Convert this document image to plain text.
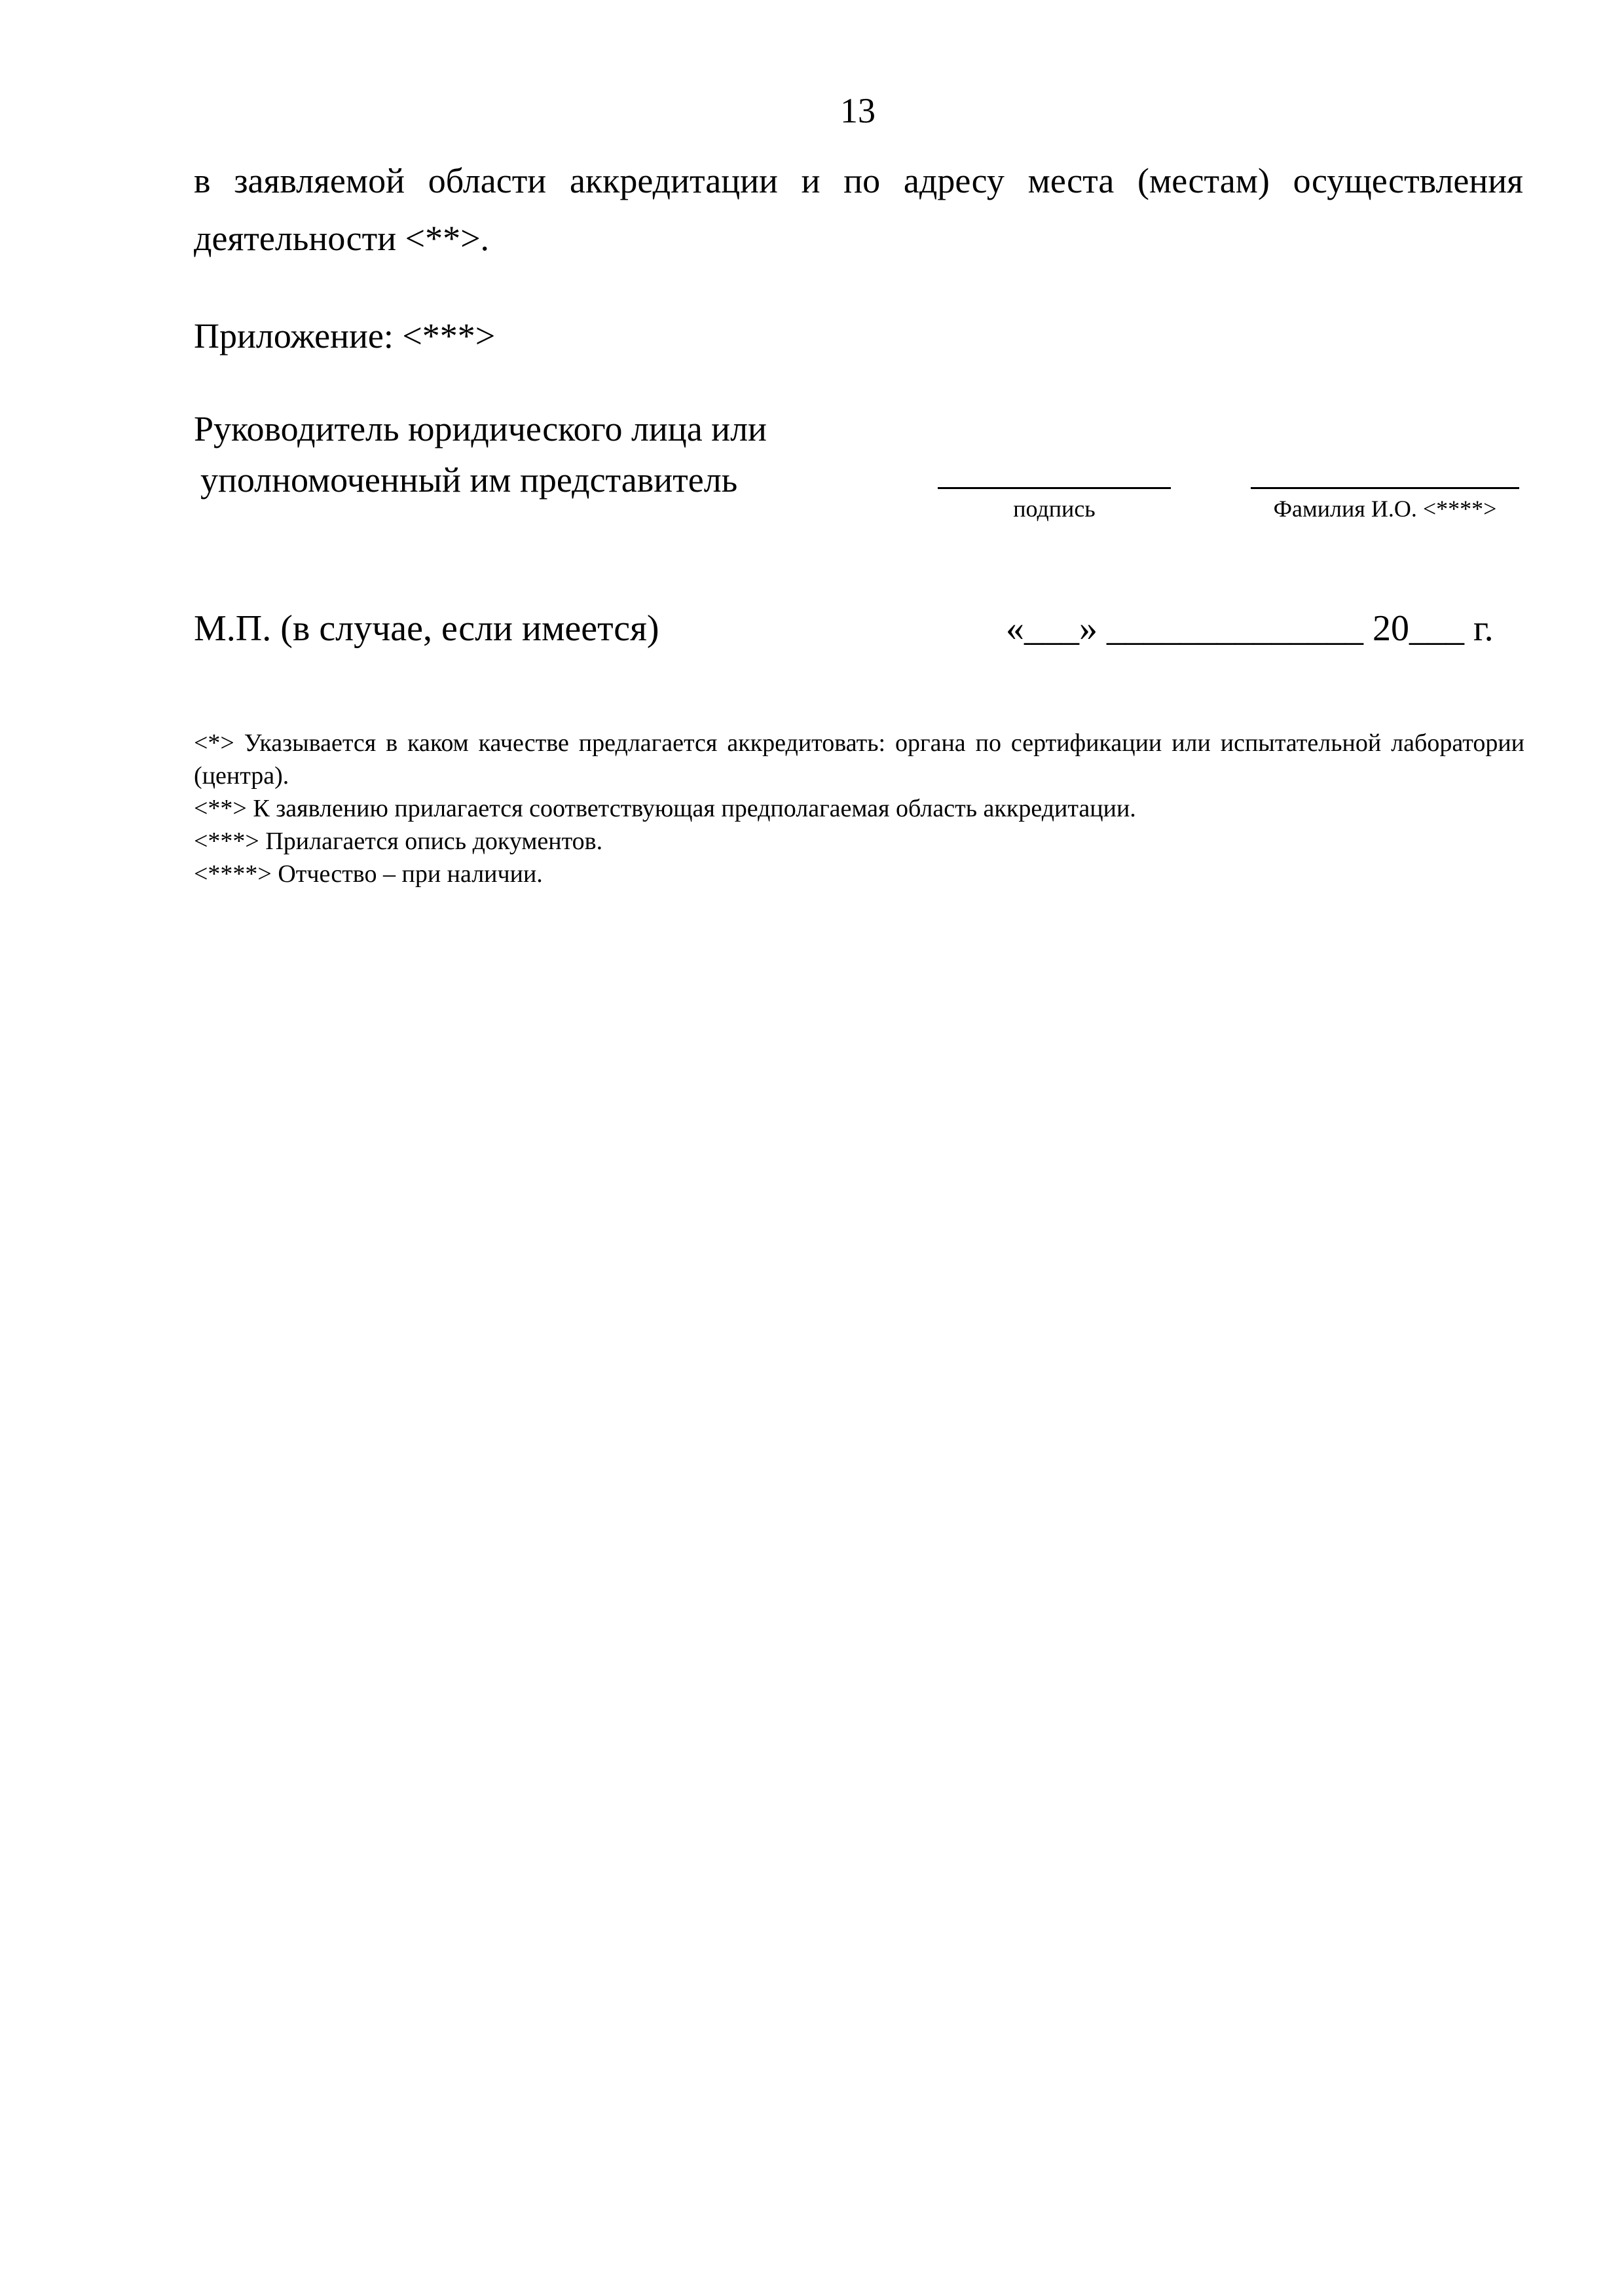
13
в заявляемой области аккредитации и по адресу места (местам) осуществления деятельности <**>.
Приложение: <***>
Руководитель юридического лица или
уполномоченный им представитель
подпись	Фамилия И.О. <****>
М.П. (в случае, если имеется)	«___» ______________ 20___ г.

<*> Указывается в каком качестве предлагается аккредитовать: органа по сертификации или испытательной лаборатории (центра).

<**> К заявлению прилагается соответствующая предполагаемая область аккредитации.

<***> Прилагается опись документов.

<****> Отчество – при наличии.
